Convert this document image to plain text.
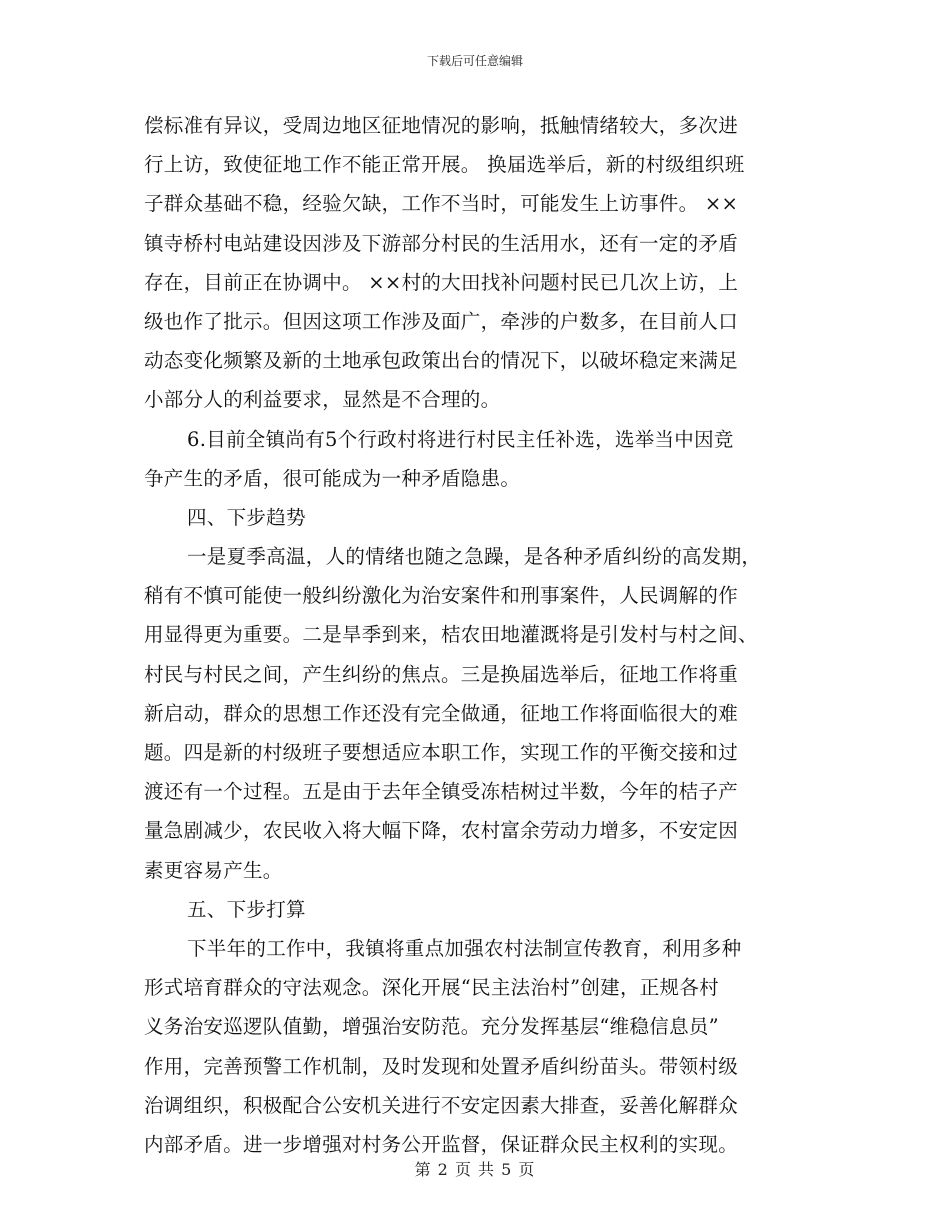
下载后可任意编辑
偿标准有异议，受周边地区征地情况的影响，抵触情绪较大，多次进
行上访，致使征地工作不能正常开展。 换届选举后，新的村级组织班
子群众基础不稳，经验欠缺，工作不当时，可能发生上访事件。 ××
镇寺桥村电站建设因涉及下游部分村民的生活用水，还有一定的矛盾
存在，目前正在协调中。 ××村的大田找补问题村民已几次上访，上
级也作了批示。但因这项工作涉及面广，牵涉的户数多，在目前人口
动态变化频繁及新的土地承包政策出台的情况下，以破坏稳定来满足
小部分人的利益要求，显然是不合理的。
6.目前全镇尚有5个行政村将进行村民主任补选，选举当中因竞
争产生的矛盾，很可能成为一种矛盾隐患。
四、下步趋势
一是夏季高温，人的情绪也随之急躁，是各种矛盾纠纷的高发期，
稍有不慎可能使一般纠纷激化为治安案件和刑事案件，人民调解的作
用显得更为重要。二是旱季到来，桔农田地灌溉将是引发村与村之间、
村民与村民之间，产生纠纷的焦点。三是换届选举后，征地工作将重
新启动，群众的思想工作还没有完全做通，征地工作将面临很大的难
题。四是新的村级班子要想适应本职工作，实现工作的平衡交接和过
渡还有一个过程。五是由于去年全镇受冻桔树过半数，今年的桔子产
量急剧减少，农民收入将大幅下降，农村富余劳动力增多，不安定因
素更容易产生。
五、下步打算
下半年的工作中，我镇将重点加强农村法制宣传教育，利用多种
形式培育群众的守法观念。深化开展“民主法治村”创建，正规各村
义务治安巡逻队值勤，增强治安防范。充分发挥基层“维稳信息员”
作用，完善预警工作机制，及时发现和处置矛盾纠纷苗头。带领村级
治调组织，积极配合公安机关进行不安定因素大排查，妥善化解群众
内部矛盾。进一步增强对村务公开监督，保证群众民主权利的实现。
第 2 页 共 5 页
